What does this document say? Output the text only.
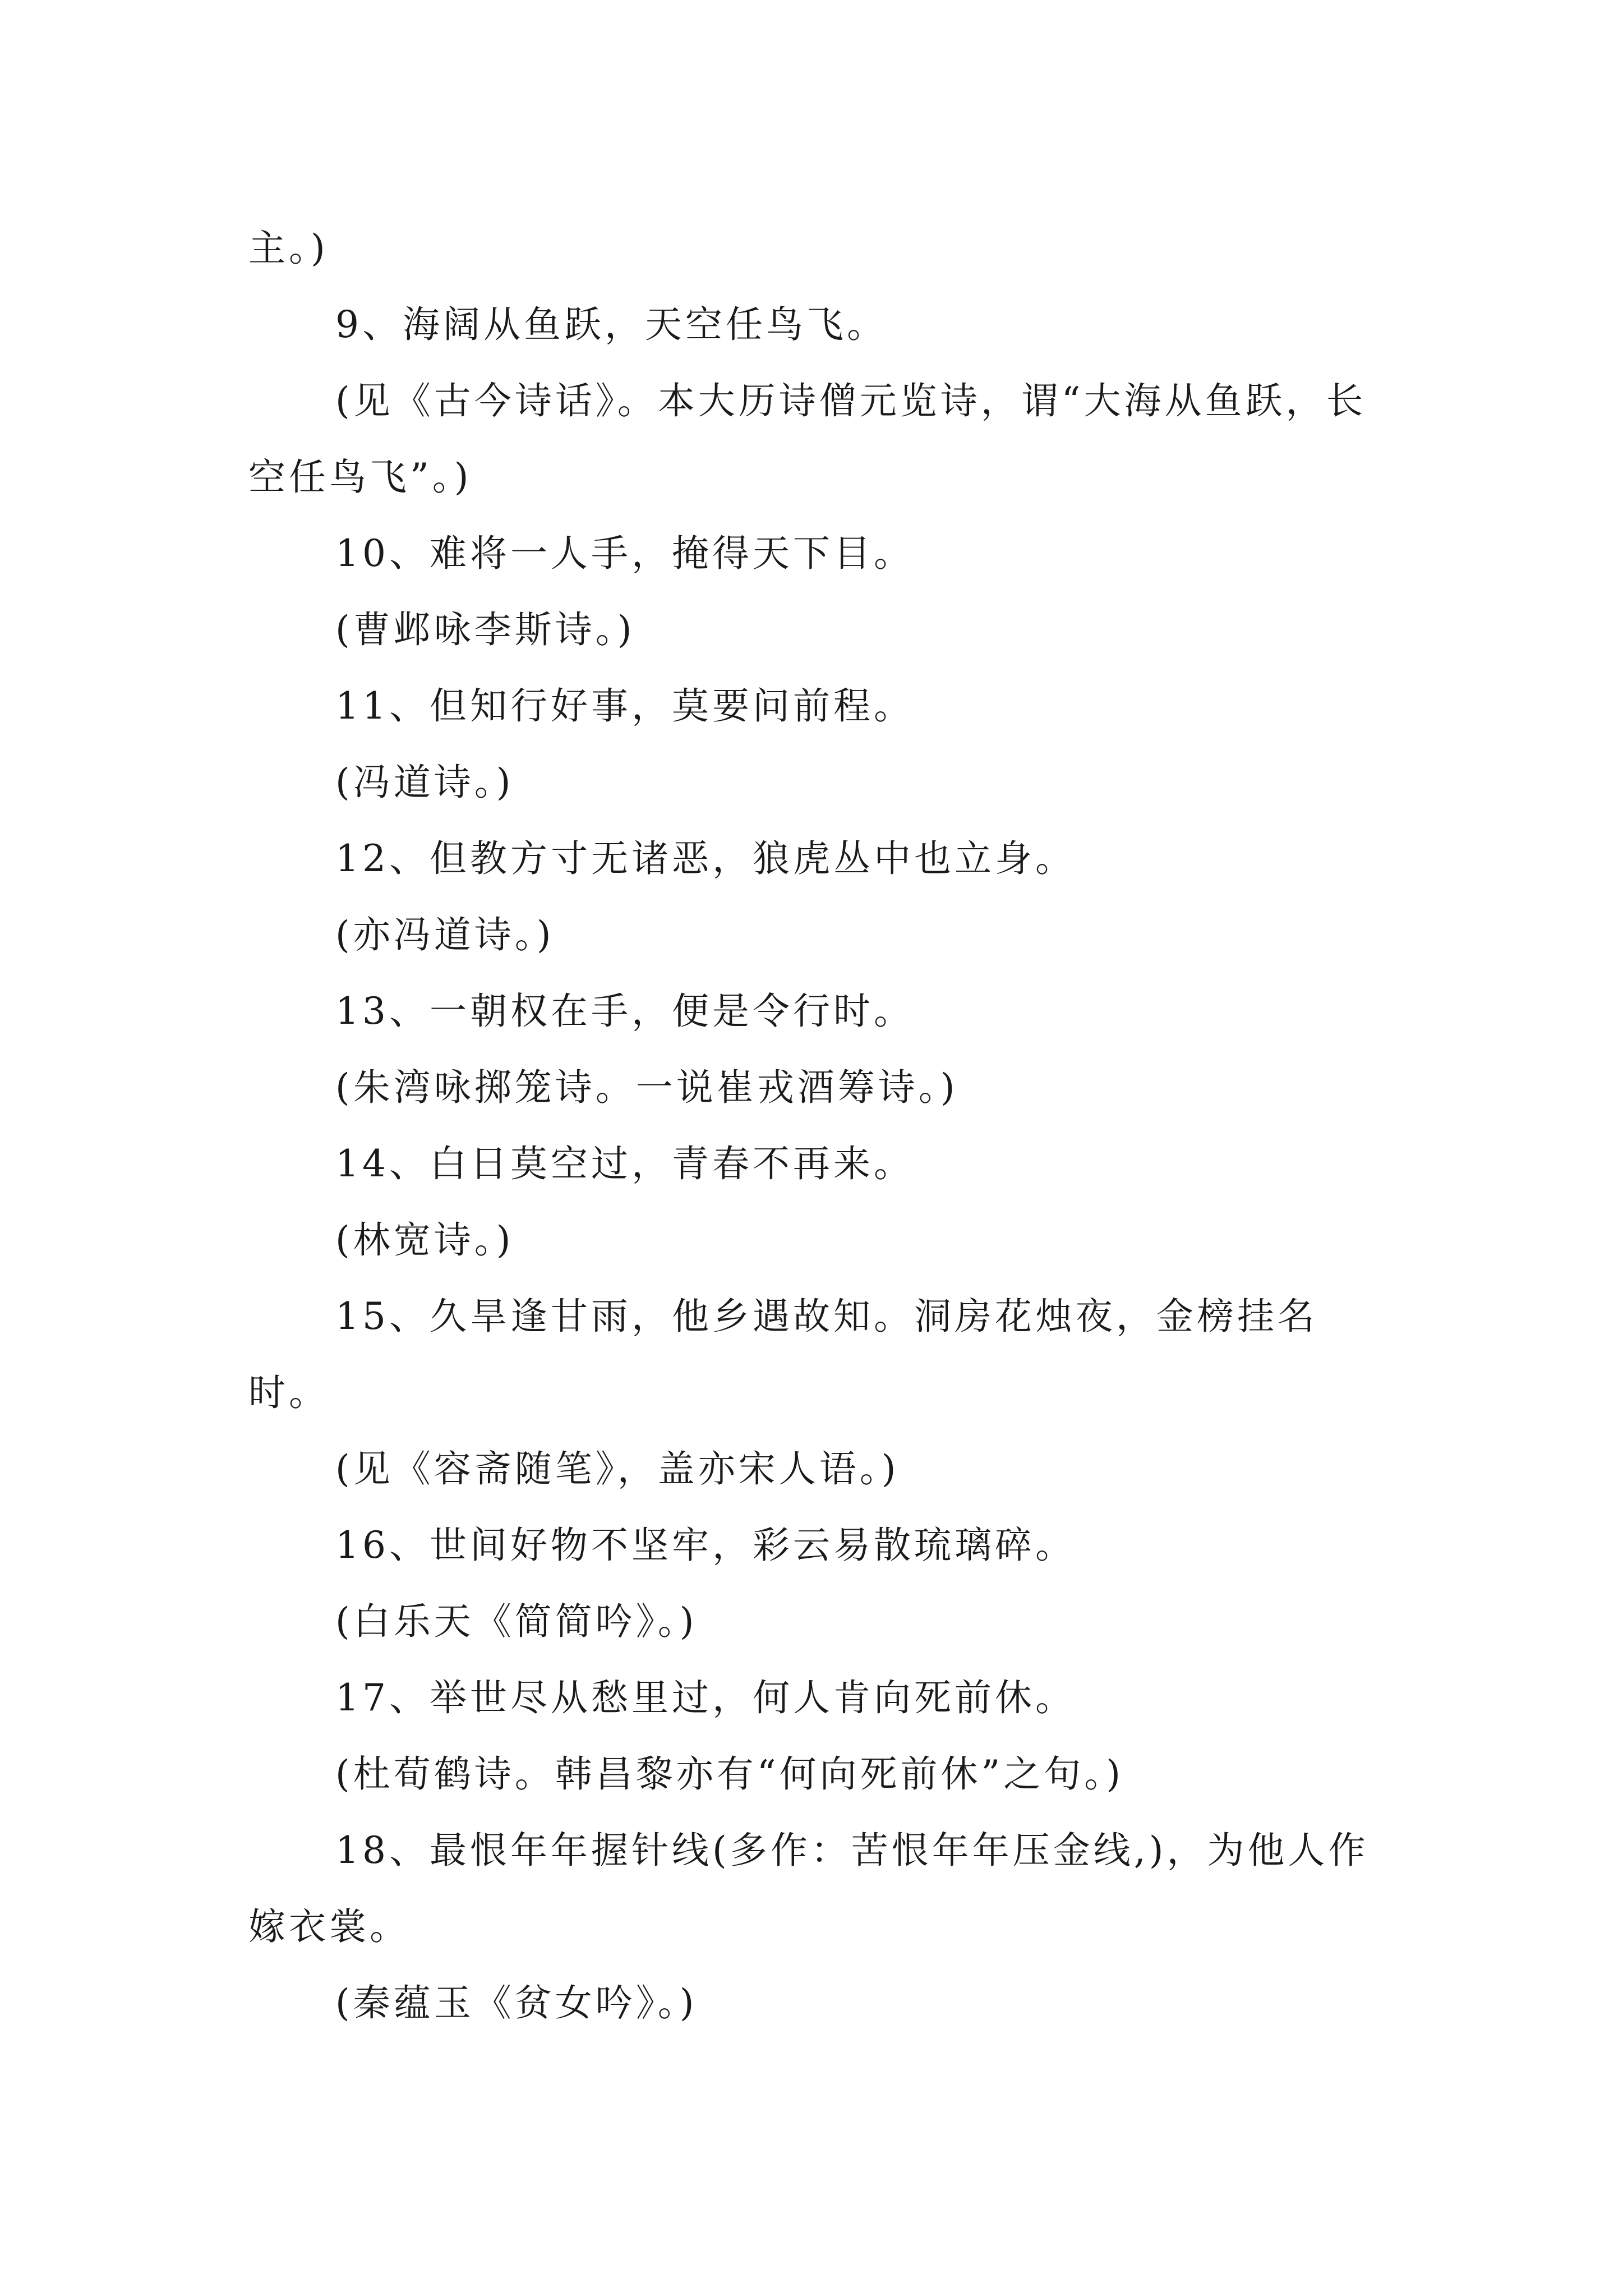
主。)

9、海阔从鱼跃，天空任鸟飞。

(见《古今诗话》。本大历诗僧元览诗，谓“大海从鱼跃，长空任鸟飞”。)

10、难将一人手，掩得天下目。

(曹邺咏李斯诗。)

11、但知行好事，莫要问前程。

(冯道诗。)

12、但教方寸无诸恶，狼虎丛中也立身。

(亦冯道诗。)

13、一朝权在手，便是令行时。

(朱湾咏掷笼诗。一说崔戎酒筹诗。)

14、白日莫空过，青春不再来。

(林宽诗。)

15、久旱逢甘雨，他乡遇故知。洞房花烛夜，金榜挂名时。

(见《容斋随笔》，盖亦宋人语。)

16、世间好物不坚牢，彩云易散琉璃碎。

(白乐天《简简吟》。)

17、举世尽从愁里过，何人肯向死前休。

(杜荀鹤诗。韩昌黎亦有“何向死前休”之句。)

18、最恨年年握针线(多作：苦恨年年压金线,)，为他人作嫁衣裳。

(秦蕴玉《贫女吟》。)
